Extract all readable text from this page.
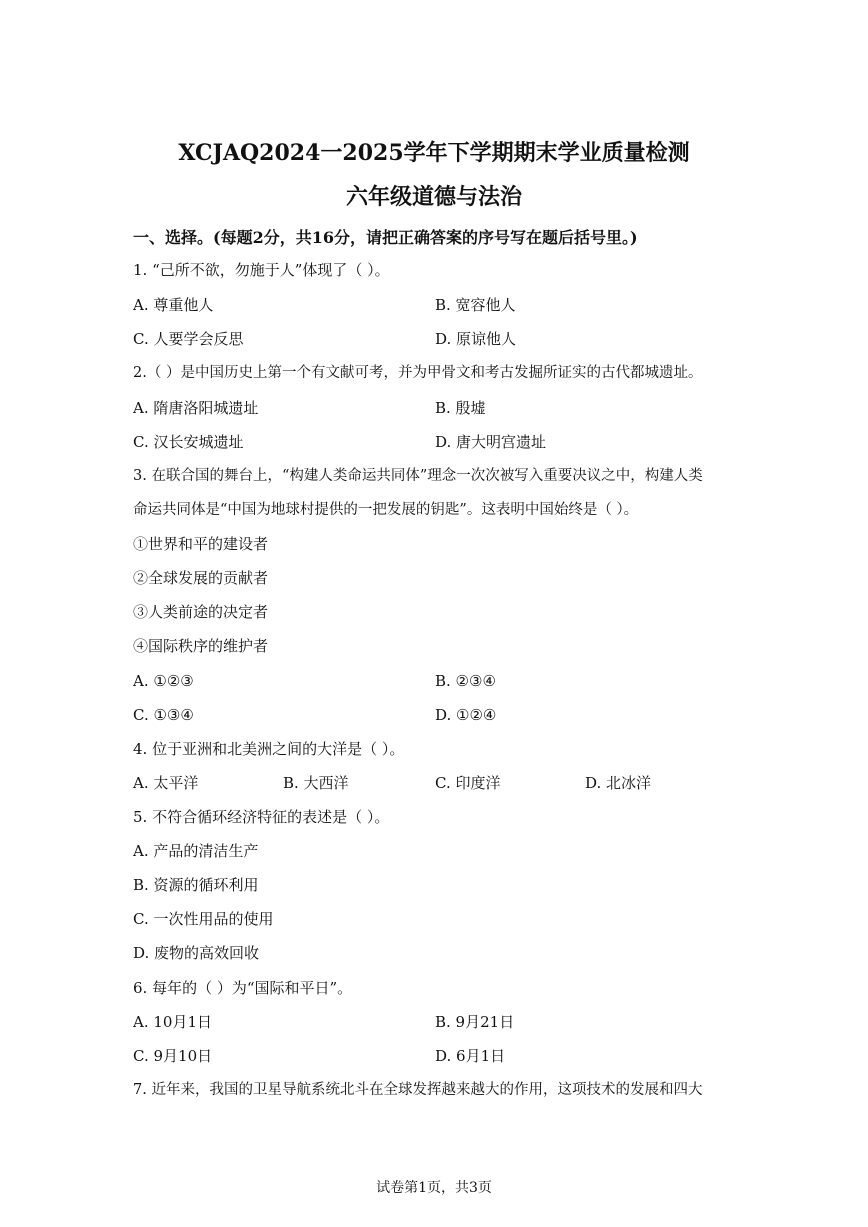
XCJAQ2024一2025学年下学期期末学业质量检测
六年级道德与法治
一、选择。(每题2分，共16分，请把正确答案的序号写在题后括号里。)
1. “己所不欲，勿施于人”体现了（ ）。
A. 尊重他人	B. 宽容他人
C. 人要学会反思	D. 原谅他人
2.（ ）是中国历史上第一个有文献可考，并为甲骨文和考古发掘所证实的古代都城遗址。
A. 隋唐洛阳城遗址	B. 殷墟
C. 汉长安城遗址	D. 唐大明宫遗址
3. 在联合国的舞台上，“构建人类命运共同体”理念一次次被写入重要决议之中，构建人类
命运共同体是“中国为地球村提供的一把发展的钥匙”。这表明中国始终是（ ）。
①世界和平的建设者
②全球发展的贡献者
③人类前途的决定者
④国际秩序的维护者
A. ①②③	B. ②③④
C. ①③④	D. ①②④
4. 位于亚洲和北美洲之间的大洋是（ ）。
A. 太平洋	B. 大西洋	C. 印度洋	D. 北冰洋
5. 不符合循环经济特征的表述是（ ）。
A. 产品的清洁生产
B. 资源的循环利用
C. 一次性用品的使用
D. 废物的高效回收
6. 每年的（ ）为“国际和平日”。
A. 10月1日	B. 9月21日
C. 9月10日	D. 6月1日
7. 近年来，我国的卫星导航系统北斗在全球发挥越来越大的作用，这项技术的发展和四大
试卷第1页，共3页
